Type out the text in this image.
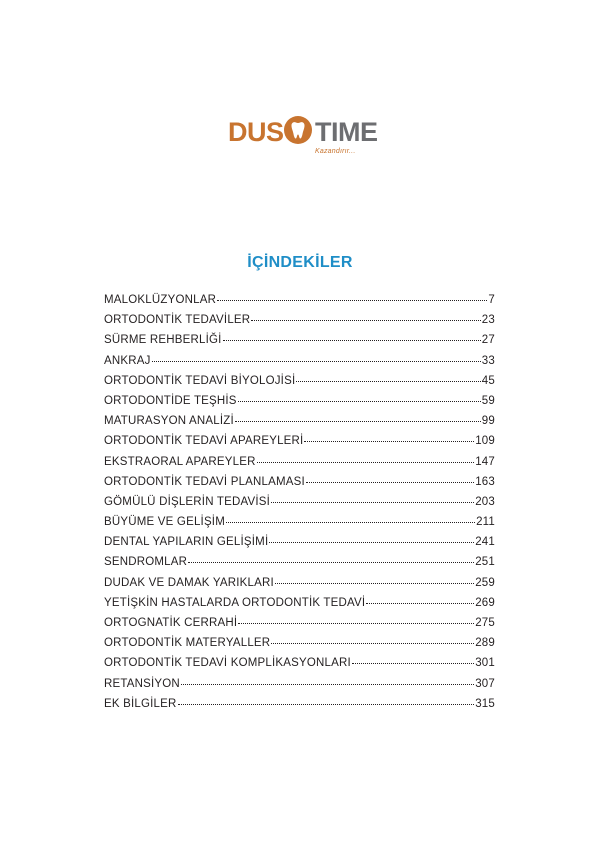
DUS TIME
Kazandırır...
İÇİNDEKİLER
MALOKLÜZYONLAR	7
ORTODONTİK TEDAVİLER	23
SÜRME REHBERLİĞİ	27
ANKRAJ	33
ORTODONTİK TEDAVİ BİYOLOJİSİ	45
ORTODONTİDE TEŞHİS	59
MATURASYON ANALİZİ	99
ORTODONTİK TEDAVİ APAREYLERİ	109
EKSTRAORAL APAREYLER	147
ORTODONTİK TEDAVİ PLANLAMASI	163
GÖMÜLÜ DİŞLERİN TEDAVİSİ	203
BÜYÜME VE GELİŞİM	211
DENTAL YAPILARIN GELİŞİMİ	241
SENDROMLAR	251
DUDAK VE DAMAK YARIKLARI	259
YETİŞKİN HASTALARDA ORTODONTİK TEDAVİ	269
ORTOGNATİK CERRAHİ	275
ORTODONTİK MATERYALLER	289
ORTODONTİK TEDAVİ KOMPLİKASYONLARI	301
RETANSİYON	307
EK BİLGİLER	315
